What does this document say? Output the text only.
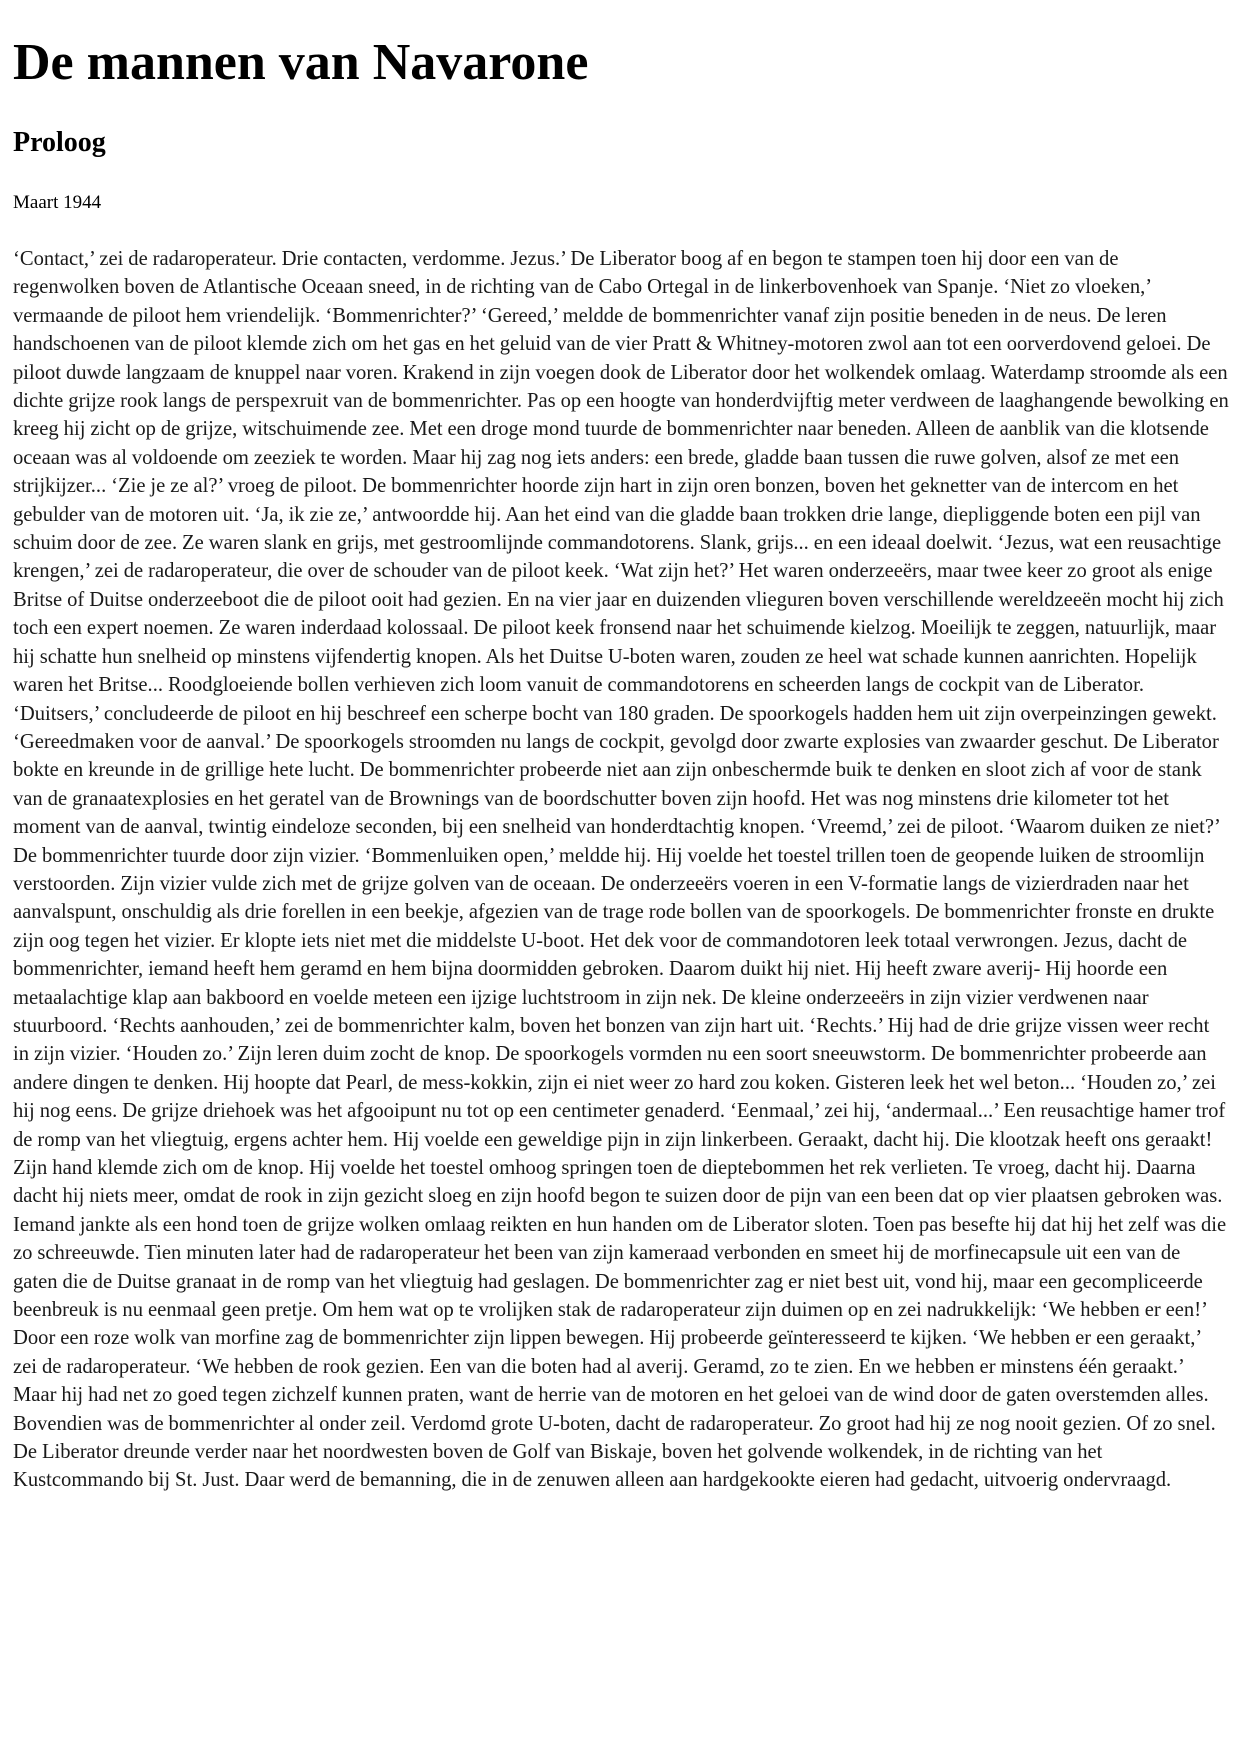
De mannen van Navarone
Proloog

Maart 1944

‘Contact,’ zei de radaroperateur. Drie contacten, verdomme. Jezus.’ De Liberator boog af en begon te stampen toen hij door een van de regenwolken boven de Atlantische Oceaan sneed, in de richting van de Cabo Ortegal in de linkerbovenhoek van Spanje. ‘Niet zo vloeken,’ vermaande de piloot hem vriendelijk. ‘Bommenrichter?’ ‘Gereed,’ meldde de bommenrichter vanaf zijn positie beneden in de neus. De leren handschoenen van de piloot klemde zich om het gas en het geluid van de vier Pratt & Whitney-motoren zwol aan tot een oorverdovend geloei. De piloot duwde langzaam de knuppel naar voren. Krakend in zijn voegen dook de Liberator door het wolkendek omlaag. Waterdamp stroomde als een dichte grijze rook langs de perspexruit van de bommenrichter. Pas op een hoogte van honderdvijftig meter verdween de laaghangende bewolking en kreeg hij zicht op de grijze, witschuimende zee. Met een droge mond tuurde de bommenrichter naar beneden. Alleen de aanblik van die klotsende oceaan was al voldoende om zeeziek te worden. Maar hij zag nog iets anders: een brede, gladde baan tussen die ruwe golven, alsof ze met een strijkijzer... ‘Zie je ze al?’ vroeg de piloot. De bommenrichter hoorde zijn hart in zijn oren bonzen, boven het geknetter van de intercom en het gebulder van de motoren uit. ‘Ja, ik zie ze,’ antwoordde hij. Aan het eind van die gladde baan trokken drie lange, diepliggende boten een pijl van schuim door de zee. Ze waren slank en grijs, met gestroomlijnde commandotorens. Slank, grijs... en een ideaal doelwit. ‘Jezus, wat een reusachtige krengen,’ zei de radaroperateur, die over de schouder van de piloot keek. ‘Wat zijn het?’ Het waren onderzeeërs, maar twee keer zo groot als enige Britse of Duitse onderzeeboot die de piloot ooit had gezien. En na vier jaar en duizenden vlieguren boven verschillende wereldzeeën mocht hij zich toch een expert noemen. Ze waren inderdaad kolossaal. De piloot keek fronsend naar het schuimende kielzog. Moeilijk te zeggen, natuurlijk, maar hij schatte hun snelheid op minstens vijfendertig knopen. Als het Duitse U-boten waren, zouden ze heel wat schade kunnen aanrichten. Hopelijk waren het Britse... Roodgloeiende bollen verhieven zich loom vanuit de commandotorens en scheerden langs de cockpit van de Liberator. ‘Duitsers,’ concludeerde de piloot en hij beschreef een scherpe bocht van 180 graden. De spoorkogels hadden hem uit zijn overpeinzingen gewekt. ‘Gereedmaken voor de aanval.’ De spoorkogels stroomden nu langs de cockpit, gevolgd door zwarte explosies van zwaarder geschut. De Liberator bokte en kreunde in de grillige hete lucht. De bommenrichter probeerde niet aan zijn onbeschermde buik te denken en sloot zich af voor de stank van de granaatexplosies en het geratel van de Brownings van de boordschutter boven zijn hoofd. Het was nog minstens drie kilometer tot het moment van de aanval, twintig eindeloze seconden, bij een snelheid van honderdtachtig knopen. ‘Vreemd,’ zei de piloot. ‘Waarom duiken ze niet?’ De bommenrichter tuurde door zijn vizier. ‘Bommenluiken open,’ meldde hij. Hij voelde het toestel trillen toen de geopende luiken de stroomlijn verstoorden. Zijn vizier vulde zich met de grijze golven van de oceaan. De onderzeeërs voeren in een V-formatie langs de vizierdraden naar het aanvalspunt, onschuldig als drie forellen in een beekje, afgezien van de trage rode bollen van de spoorkogels. De bommenrichter fronste en drukte zijn oog tegen het vizier. Er klopte iets niet met die middelste U-boot. Het dek voor de commandotoren leek totaal verwrongen. Jezus, dacht de bommenrichter, iemand heeft hem geramd en hem bijna doormidden gebroken. Daarom duikt hij niet. Hij heeft zware averij- Hij hoorde een metaalachtige klap aan bakboord en voelde meteen een ijzige luchtstroom in zijn nek. De kleine onderzeeërs in zijn vizier verdwenen naar stuurboord. ‘Rechts aanhouden,’ zei de bommenrichter kalm, boven het bonzen van zijn hart uit. ‘Rechts.’ Hij had de drie grijze vissen weer recht in zijn vizier. ‘Houden zo.’ Zijn leren duim zocht de knop. De spoorkogels vormden nu een soort sneeuwstorm. De bommenrichter probeerde aan andere dingen te denken. Hij hoopte dat Pearl, de mess-kokkin, zijn ei niet weer zo hard zou koken. Gisteren leek het wel beton... ‘Houden zo,’ zei hij nog eens. De grijze driehoek was het afgooipunt nu tot op een centimeter genaderd. ‘Eenmaal,’ zei hij, ‘andermaal...’ Een reusachtige hamer trof de romp van het vliegtuig, ergens achter hem. Hij voelde een geweldige pijn in zijn linkerbeen. Geraakt, dacht hij. Die klootzak heeft ons geraakt! Zijn hand klemde zich om de knop. Hij voelde het toestel omhoog springen toen de dieptebommen het rek verlieten. Te vroeg, dacht hij. Daarna dacht hij niets meer, omdat de rook in zijn gezicht sloeg en zijn hoofd begon te suizen door de pijn van een been dat op vier plaatsen gebroken was. Iemand jankte als een hond toen de grijze wolken omlaag reikten en hun handen om de Liberator sloten. Toen pas besefte hij dat hij het zelf was die zo schreeuwde. Tien minuten later had de radaroperateur het been van zijn kameraad verbonden en smeet hij de morfinecapsule uit een van de gaten die de Duitse granaat in de romp van het vliegtuig had geslagen. De bommenrichter zag er niet best uit, vond hij, maar een gecompliceerde beenbreuk is nu eenmaal geen pretje. Om hem wat op te vrolijken stak de radaroperateur zijn duimen op en zei nadrukkelijk: ‘We hebben er een!’ Door een roze wolk van morfine zag de bommenrichter zijn lippen bewegen. Hij probeerde geïnteresseerd te kijken. ‘We hebben er een geraakt,’ zei de radaroperateur. ‘We hebben de rook gezien. Een van die boten had al averij. Geramd, zo te zien. En we hebben er minstens één geraakt.’ Maar hij had net zo goed tegen zichzelf kunnen praten, want de herrie van de motoren en het geloei van de wind door de gaten overstemden alles. Bovendien was de bommenrichter al onder zeil. Verdomd grote U-boten, dacht de radaroperateur. Zo groot had hij ze nog nooit gezien. Of zo snel. De Liberator dreunde verder naar het noordwesten boven de Golf van Biskaje, boven het golvende wolkendek, in de richting van het Kustcommando bij St. Just. Daar werd de bemanning, die in de zenuwen alleen aan hardgekookte eieren had gedacht, uitvoerig ondervraagd.
